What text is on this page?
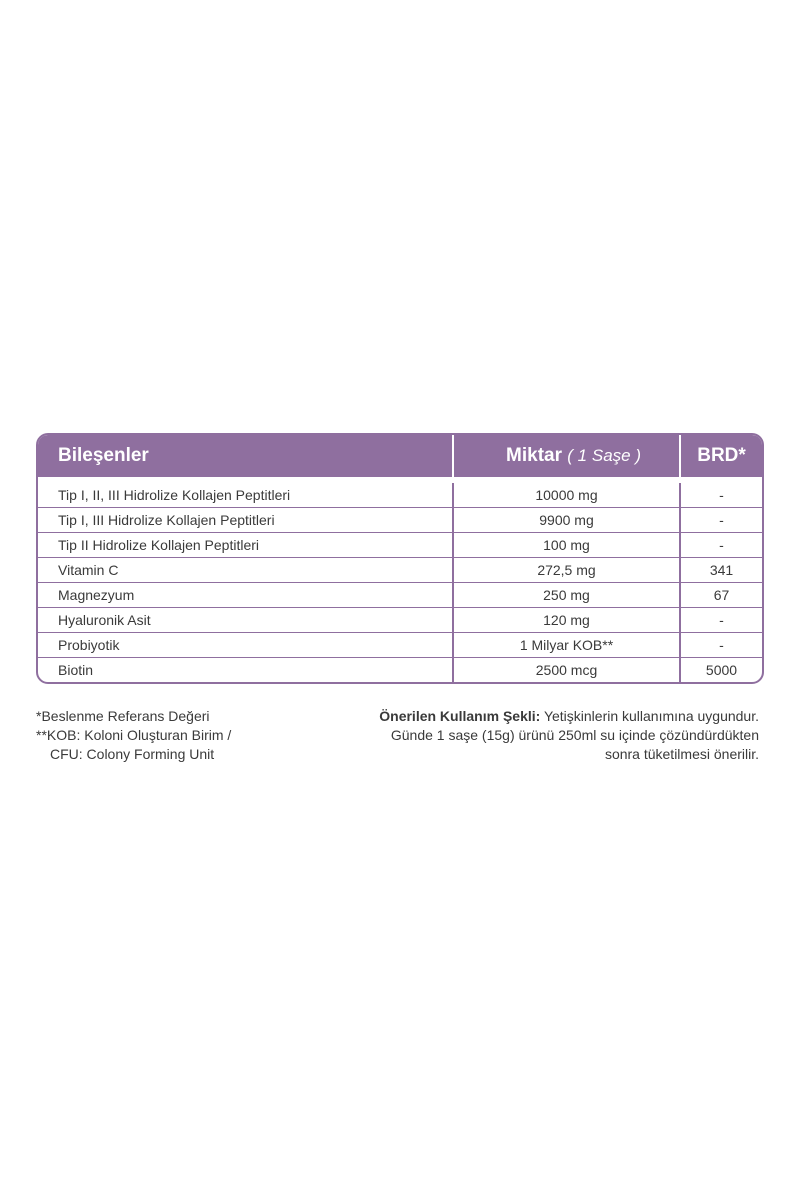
Bileşenler	Miktar ( 1 Saşe )	BRD*
Tip I, II, III Hidrolize Kollajen Peptitleri	10000 mg	-
Tip I, III Hidrolize Kollajen Peptitleri	9900 mg	-
Tip II Hidrolize Kollajen Peptitleri	100 mg	-
Vitamin C	272,5 mg	341
Magnezyum	250 mg	67
Hyaluronik Asit	120 mg	-
Probiyotik	1 Milyar KOB**	-
Biotin	2500 mcg	5000
*Beslenme Referans Değeri
**KOB: Koloni Oluşturan Birim /
CFU: Colony Forming Unit
Önerilen Kullanım Şekli: Yetişkinlerin kullanımına uygundur.
Günde 1 saşe (15g) ürünü 250ml su içinde çözündürdükten
sonra tüketilmesi önerilir.
